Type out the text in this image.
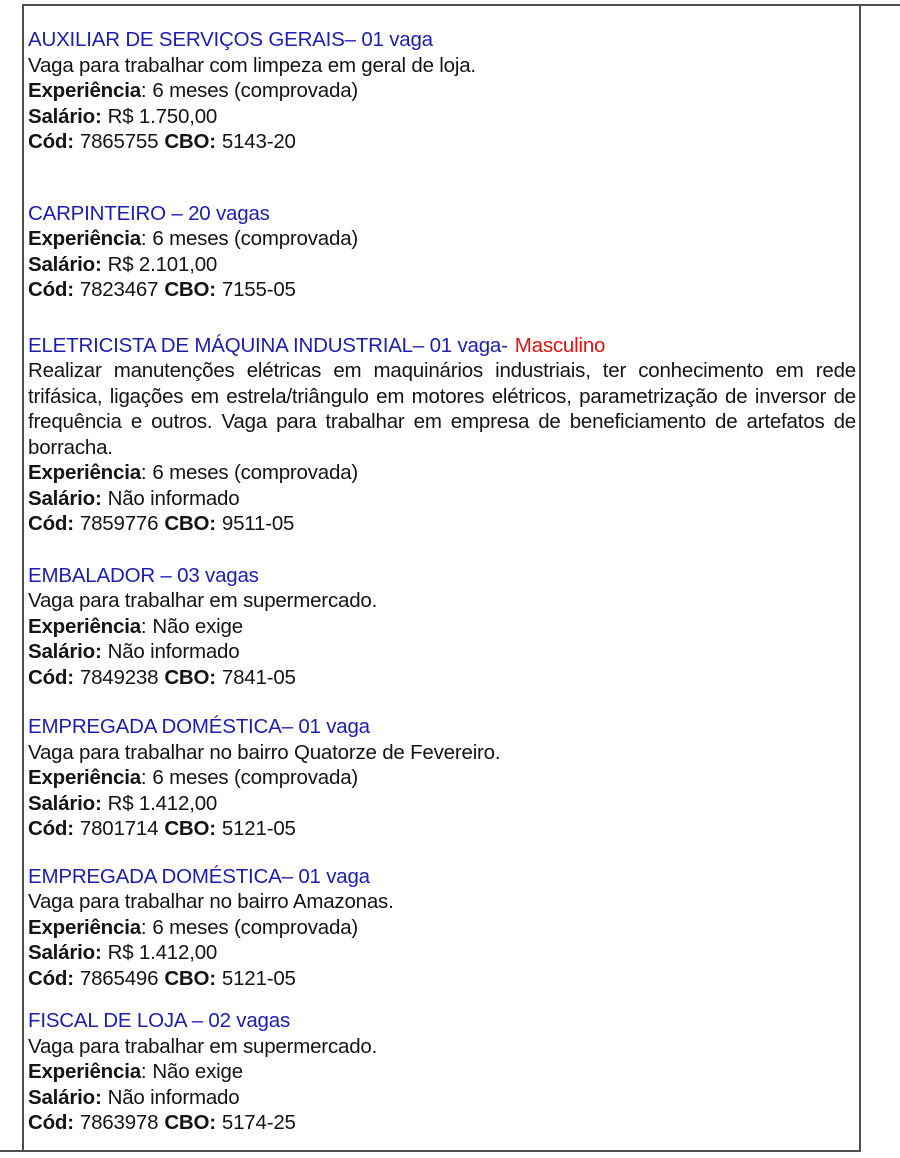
AUXILIAR DE SERVIÇOS GERAIS– 01 vaga

Vaga para trabalhar com limpeza em geral de loja.

Experiência: 6 meses (comprovada)

Salário: R$ 1.750,00

Cód: 7865755 CBO: 5143-20

CARPINTEIRO – 20 vagas

Experiência: 6 meses (comprovada)

Salário: R$ 2.101,00

Cód: 7823467 CBO: 7155-05

ELETRICISTA DE MÁQUINA INDUSTRIAL– 01 vaga- Masculino

Realizar manutenções elétricas em maquinários industriais, ter conhecimento em rede trifásica, ligações em estrela/triângulo em motores elétricos, parametrização de inversor de frequência e outros. Vaga para trabalhar em empresa de beneficiamento de artefatos de borracha.

Experiência: 6 meses (comprovada)

Salário: Não informado

Cód: 7859776 CBO: 9511-05

EMBALADOR – 03 vagas

Vaga para trabalhar em supermercado.

Experiência: Não exige

Salário: Não informado

Cód: 7849238 CBO: 7841-05

EMPREGADA DOMÉSTICA– 01 vaga

Vaga para trabalhar no bairro Quatorze de Fevereiro.

Experiência: 6 meses (comprovada)

Salário: R$ 1.412,00

Cód: 7801714 CBO: 5121-05

EMPREGADA DOMÉSTICA– 01 vaga

Vaga para trabalhar no bairro Amazonas.

Experiência: 6 meses (comprovada)

Salário: R$ 1.412,00

Cód: 7865496 CBO: 5121-05

FISCAL DE LOJA – 02 vagas

Vaga para trabalhar em supermercado.

Experiência: Não exige

Salário: Não informado

Cód: 7863978 CBO: 5174-25
